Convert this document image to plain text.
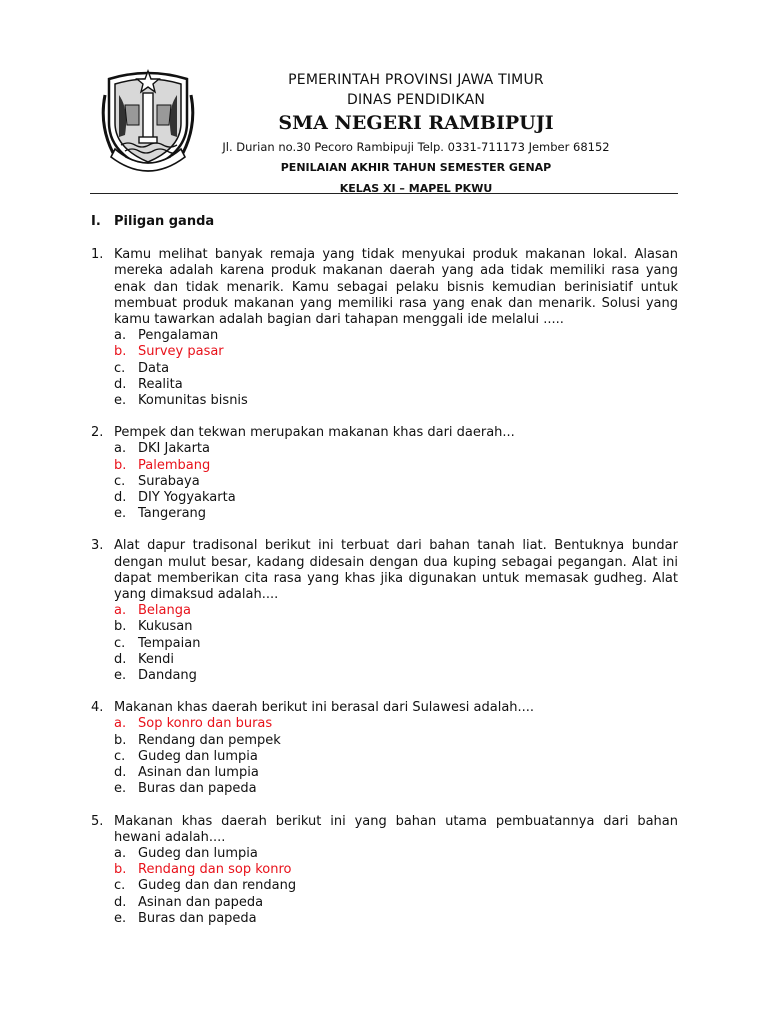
PEMERINTAH PROVINSI JAWA TIMUR
DINAS PENDIDIKAN
SMA NEGERI RAMBIPUJI
Jl. Durian no.30 Pecoro Rambipuji Telp. 0331-711173 Jember 68152
PENILAIAN AKHIR TAHUN SEMESTER GENAP
KELAS XI – MAPEL PKWU
I.	Piligan ganda
1. Kamu melihat banyak remaja yang tidak menyukai produk makanan lokal. Alasan mereka adalah karena produk makanan daerah yang ada tidak memiliki rasa yang enak dan tidak menarik. Kamu sebagai pelaku bisnis kemudian berinisiatif untuk membuat produk makanan yang memiliki rasa yang enak dan menarik. Solusi yang kamu tawarkan adalah bagian dari tahapan menggali ide melalui .....
a. Pengalaman
b. Survey pasar
c. Data
d. Realita
e. Komunitas bisnis
2. Pempek dan tekwan merupakan makanan khas dari daerah...
a. DKI Jakarta
b. Palembang
c. Surabaya
d. DIY Yogyakarta
e. Tangerang
3. Alat dapur tradisonal berikut ini terbuat dari bahan tanah liat. Bentuknya bundar dengan mulut besar, kadang didesain dengan dua kuping sebagai pegangan. Alat ini dapat memberikan cita rasa yang khas jika digunakan untuk memasak gudheg. Alat yang dimaksud adalah....
a. Belanga
b. Kukusan
c. Tempaian
d. Kendi
e. Dandang
4. Makanan khas daerah berikut ini berasal dari Sulawesi adalah....
a. Sop konro dan buras
b. Rendang dan pempek
c. Gudeg dan lumpia
d. Asinan dan lumpia
e. Buras dan papeda
5. Makanan khas daerah berikut ini yang bahan utama pembuatannya dari bahan hewani adalah....
a. Gudeg dan lumpia
b. Rendang dan sop konro
c. Gudeg dan dan rendang
d. Asinan dan papeda
e. Buras dan papeda
